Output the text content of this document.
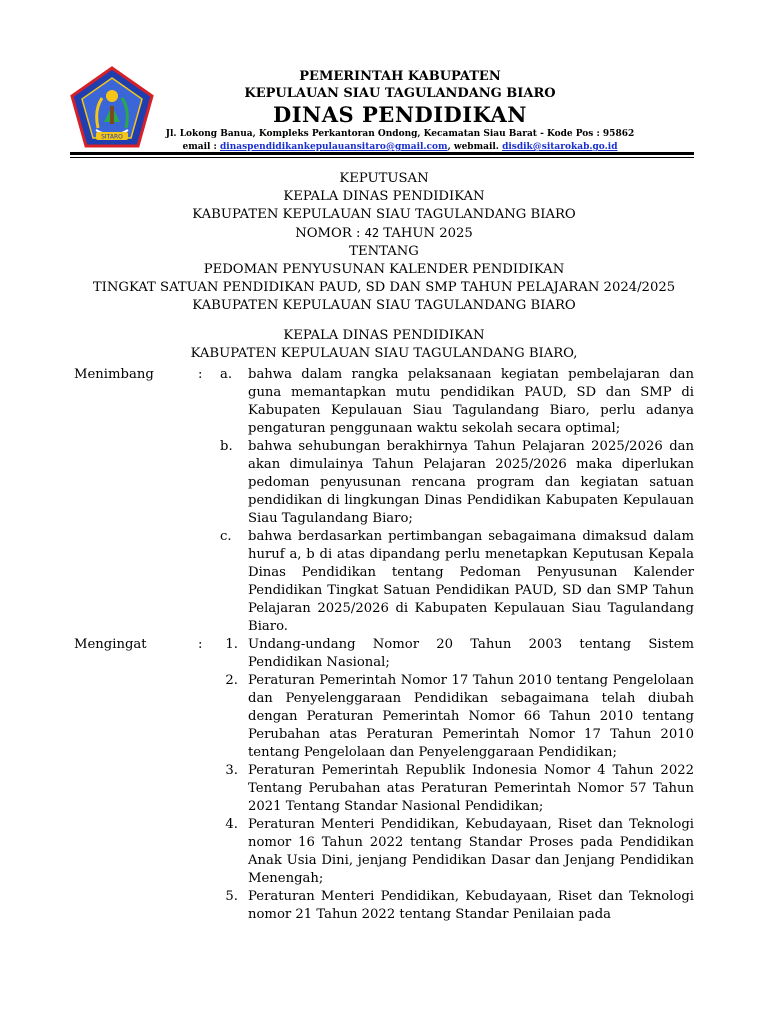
SITARO
PEMERINTAH KABUPATEN
KEPULAUAN SIAU TAGULANDANG BIARO
DINAS PENDIDIKAN
Jl. Lokong Banua, Kompleks Perkantoran Ondong, Kecamatan Siau Barat - Kode Pos : 95862
email : dinaspendidikankepulauansitaro@gmail.com, webmail. disdik@sitarokab.go.id
KEPUTUSAN
KEPALA DINAS PENDIDIKAN
KABUPATEN KEPULAUAN SIAU TAGULANDANG BIARO
NOMOR : 42 TAHUN 2025
TENTANG
PEDOMAN PENYUSUNAN KALENDER PENDIDIKAN
TINGKAT SATUAN PENDIDIKAN PAUD, SD DAN SMP TAHUN PELAJARAN 2024/2025
KABUPATEN KEPULAUAN SIAU TAGULANDANG BIARO
KEPALA DINAS PENDIDIKAN
KABUPATEN KEPULAUAN SIAU TAGULANDANG BIARO,
Menimbang	:	a.	bahwa dalam rangka pelaksanaan kegiatan pembelajaran dan guna memantapkan mutu pendidikan PAUD, SD dan SMP di Kabupaten Kepulauan Siau Tagulandang Biaro, perlu adanya pengaturan penggunaan waktu sekolah secara optimal;
b.	bahwa sehubungan berakhirnya Tahun Pelajaran 2025/2026 dan akan dimulainya Tahun Pelajaran 2025/2026 maka diperlukan pedoman penyusunan rencana program dan kegiatan satuan pendidikan di lingkungan Dinas Pendidikan Kabupaten Kepulauan Siau Tagulandang Biaro;
c.	bahwa berdasarkan pertimbangan sebagaimana dimaksud dalam huruf a, b di atas dipandang perlu menetapkan Keputusan Kepala Dinas Pendidikan tentang Pedoman Penyusunan Kalender Pendidikan Tingkat Satuan Pendidikan PAUD, SD dan SMP Tahun Pelajaran 2025/2026 di Kabupaten Kepulauan Siau Tagulandang Biaro.
Mengingat	:	1. Undang-undang Nomor 20 Tahun 2003 tentang Sistem Pendidikan Nasional;
2. Peraturan Pemerintah Nomor 17 Tahun 2010 tentang Pengelolaan dan Penyelenggaraan Pendidikan sebagaimana telah diubah dengan Peraturan Pemerintah Nomor 66 Tahun 2010 tentang Perubahan atas Peraturan Pemerintah Nomor 17 Tahun 2010 tentang Pengelolaan dan Penyelenggaraan Pendidikan;
3. Peraturan Pemerintah Republik Indonesia Nomor 4 Tahun 2022 Tentang Perubahan atas Peraturan Pemerintah Nomor 57 Tahun 2021 Tentang Standar Nasional Pendidikan;
4. Peraturan Menteri Pendidikan, Kebudayaan, Riset dan Teknologi nomor 16 Tahun 2022 tentang Standar Proses pada Pendidikan Anak Usia Dini, jenjang Pendidikan Dasar dan Jenjang Pendidikan Menengah;
5. Peraturan Menteri Pendidikan, Kebudayaan, Riset dan Teknologi nomor 21 Tahun 2022 tentang Standar Penilaian pada
